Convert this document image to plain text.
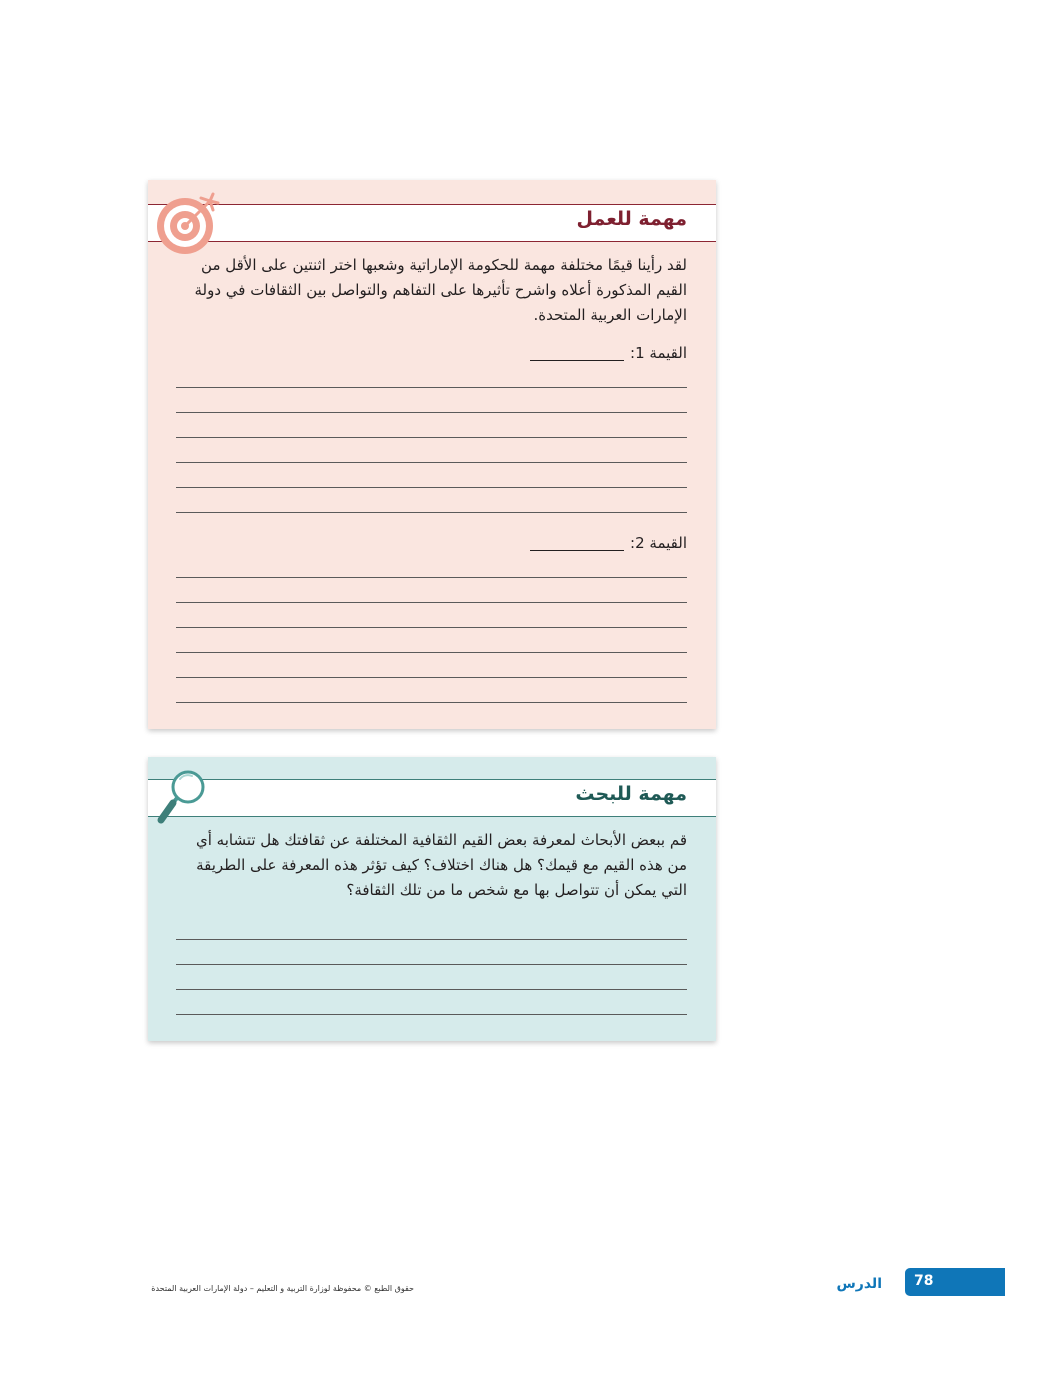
مهمة للعمل
لقد رأينا قيمًا مختلفة مهمة للحكومة الإماراتية وشعبها اختر اثنتين على الأقل من القيم المذكورة أعلاه واشرح تأثيرها على التفاهم والتواصل بين الثقافات في دولة الإمارات العربية المتحدة.
القيمة 1:
القيمة 2:
مهمة للبحث
قم ببعض الأبحاث لمعرفة بعض القيم الثقافية المختلفة عن ثقافتك هل تتشابه أي من هذه القيم مع قيمك؟ هل هناك اختلاف؟ كيف تؤثر هذه المعرفة على الطريقة التي يمكن أن تتواصل بها مع شخص ما من تلك الثقافة؟
حقوق الطبع © محفوظة لوزارة التربية و التعليم – دولة الإمارات العربية المتحدة	الدرس 78
